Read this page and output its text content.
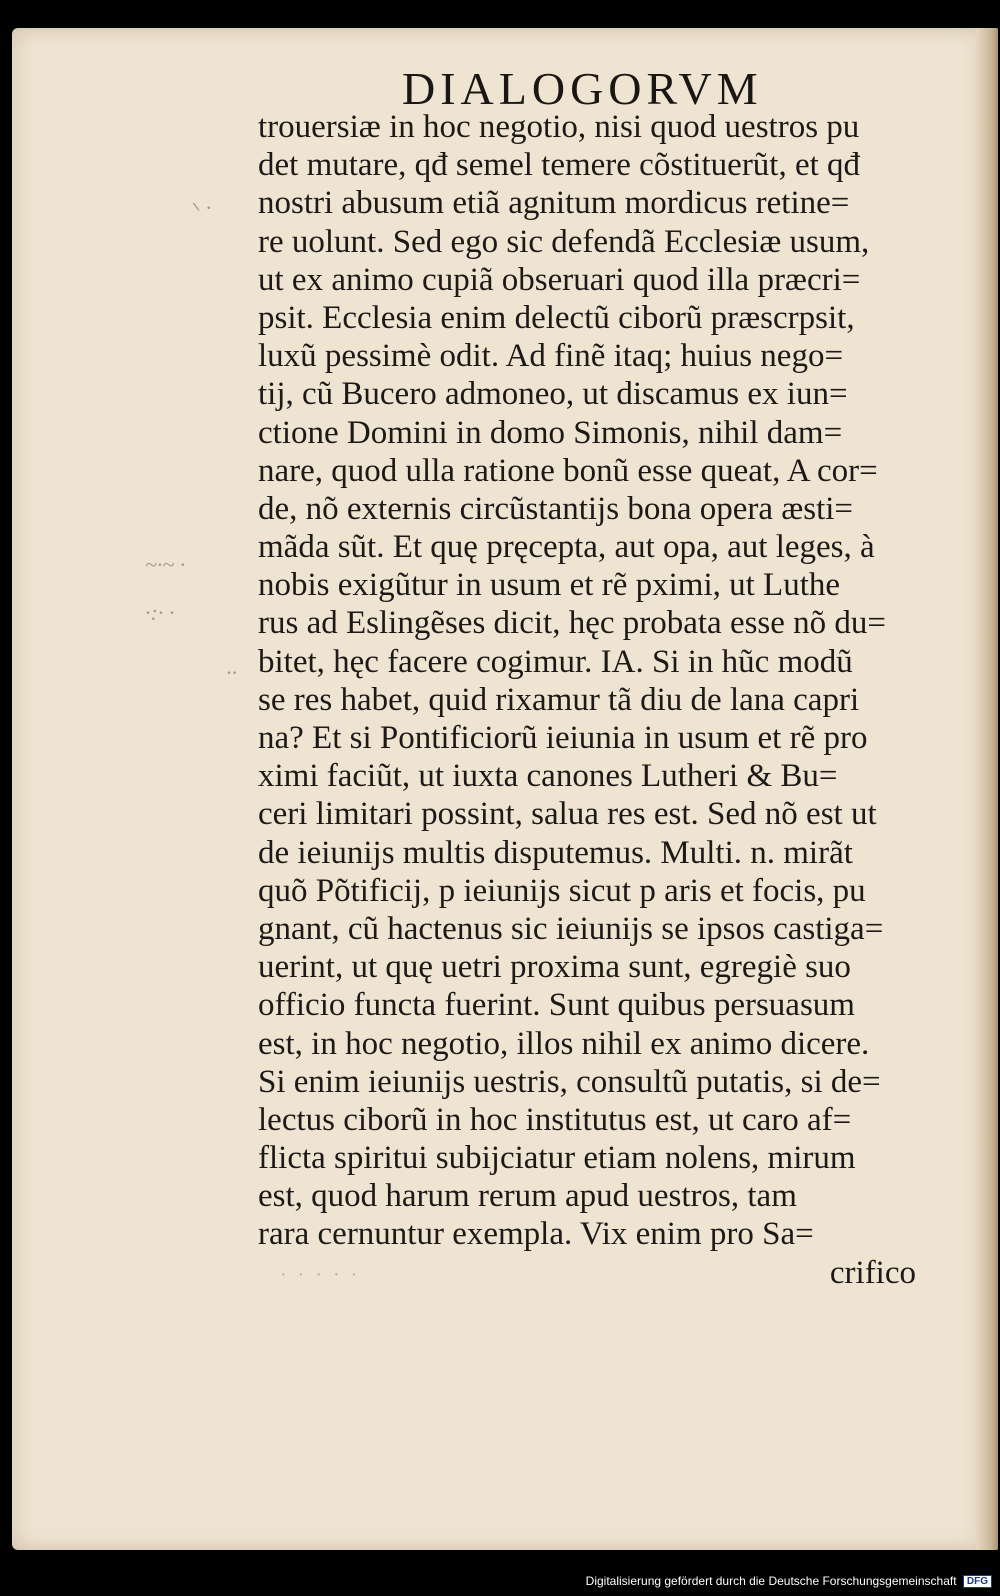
DIALOGORVM
⸜ .
~·~ ·
·:· ·
··
· · · · ·
trouersiæ in hoc negotio, nisi quod uestros pu
det mutare, qđ semel temere cõstituerũt, et qđ
nostri abusum etiã agnitum mordicus retine=
re uolunt. Sed ego sic defendã Ecclesiæ usum,
ut ex animo cupiã obseruari quod illa præcri=
psit. Ecclesia enim delectũ ciborũ præscrpsit,
luxũ pessimè odit. Ad finẽ itaq; huius nego=
tij, cũ Bucero admoneo, ut discamus ex iun=
ctione Domini in domo Simonis, nihil dam=
nare, quod ulla ratione bonũ esse queat, A cor=
de, nõ externis circũstantijs bona opera æsti=
mãda sũt. Et quę pręcepta, aut opa, aut leges, à
nobis exigũtur in usum et rẽ pximi, ut Luthe
rus ad Eslingẽses dicit, hęc probata esse nõ du=
bitet, hęc facere cogimur. IA. Si in hũc modũ
se res habet, quid rixamur tã diu de lana capri
na? Et si Pontificiorũ ieiunia in usum et rẽ pro
ximi faciũt, ut iuxta canones Lutheri & Bu=
ceri limitari possint, salua res est. Sed nõ est ut
de ieiunijs multis disputemus. Multi. n. mirãt
quõ Põtificij, p ieiunijs sicut p aris et focis, pu
gnant, cũ hactenus sic ieiunijs se ipsos castiga=
uerint, ut quę uetri proxima sunt, egregiè suo
officio functa fuerint. Sunt quibus persuasum
est, in hoc negotio, illos nihil ex animo dicere.
Si enim ieiunijs uestris, consultũ putatis, si de=
lectus ciborũ in hoc institutus est, ut caro af=
flicta spiritui subijciatur etiam nolens, mirum
est, quod harum rerum apud uestros, tam
rara cernuntur exempla. Vix enim pro Sa=
crifico
Digitalisierung gefördert durch die Deutsche Forschungsgemeinschaft DFG
